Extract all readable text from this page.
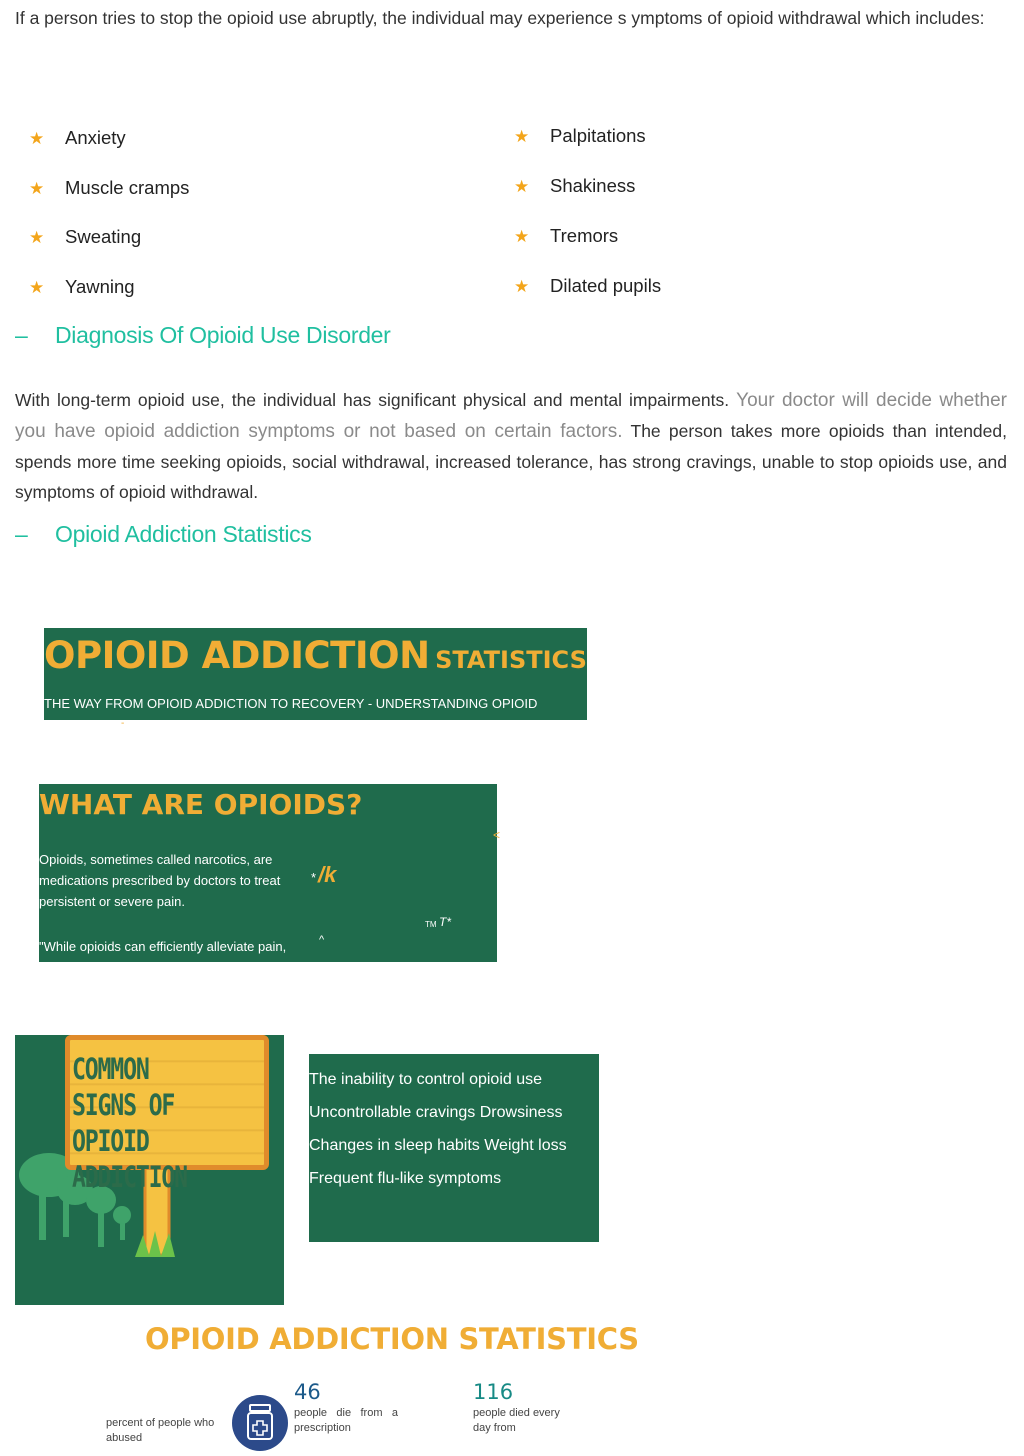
If a person tries to stop the opioid use abruptly, the individual may experience s ymptoms of opioid withdrawal which includes:
★ Anxiety
★ Muscle cramps
★ Sweating
★ Yawning
★ Palpitations
★ Shakiness
★ Tremors
★ Dilated pupils
– Diagnosis Of Opioid Use Disorder
With long-term opioid use, the individual has significant physical and mental impairments. Your doctor will decide whether you have opioid addiction symptoms or not based on certain factors. The person takes more opioids than intended, spends more time seeking opioids, social withdrawal, increased tolerance, has strong cravings, unable to stop opioids use, and symptoms of opioid withdrawal.
– Opioid Addiction Statistics
OPIOID ADDICTION STATISTICS
THE WAY FROM OPIOID ADDICTION TO RECOVERY - UNDERSTANDING OPIOID
-
WHAT ARE OPIOIDS?
Opioids, sometimes called narcotics, are
medications prescribed by doctors to treat
persistent or severe pain.
"While opioids can efficiently alleviate pain,	^
* /k
TM T*
<
COMMON SIGNS OF OPIOID ADDICTION
The inability to control opioid use
Uncontrollable cravings Drowsiness
Changes in sleep habits Weight loss
Frequent flu-like symptoms
OPIOID ADDICTION STATISTICS
percent of people who abused
46
people die from a prescription
116
people died every day from
